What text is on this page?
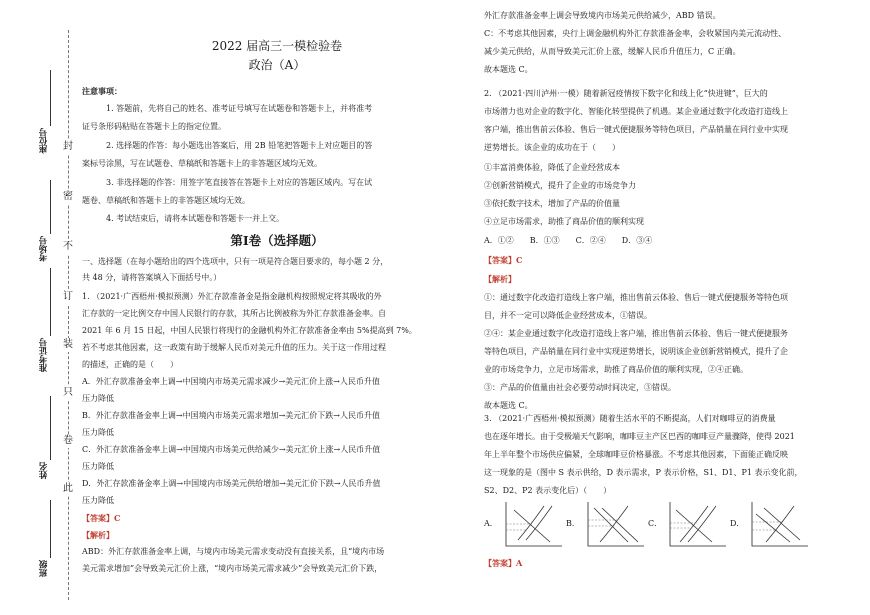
封
密
不
订
装
只
卷
此
座位号
考场号
准考证号
姓名
班级
2022 届高三一模检验卷
政治（A）
注意事项：
1. 答题前，先将自己的姓名、准考证号填写在试题卷和答题卡上，并将准考
证号条形码粘贴在答题卡上的指定位置。
2. 选择题的作答：每小题选出答案后，用 2B 铅笔把答题卡上对应题目的答
案标号涂黑，写在试题卷、草稿纸和答题卡上的非答题区域均无效。
3. 非选择题的作答：用签字笔直接答在答题卡上对应的答题区域内。写在试
题卷、草稿纸和答题卡上的非答题区域均无效。
4. 考试结束后，请将本试题卷和答题卡一并上交。
第Ⅰ卷（选择题）
一、选择题（在每小题给出的四个选项中，只有一项是符合题目要求的，每小题 2 分，
共 48 分，请将答案填入下面括号中。）
1. （2021·广西梧州·模拟预测）外汇存款准备金是指金融机构按照规定将其吸收的外
汇存款的一定比例交存中国人民银行的存款，其所占比例被称为外汇存款准备金率。自
2021 年 6 月 15 日起，中国人民银行将现行的金融机构外汇存款准备金率由 5%提高到 7%。
若不考虑其他因素，这一政策有助于缓解人民币对美元升值的压力。关于这一作用过程
的描述，正确的是（　　）
A．外汇存款准备金率上调→中国境内市场美元需求减少→美元汇价上涨→人民币升值
压力降低
B．外汇存款准备金率上调→中国境内市场美元需求增加→美元汇价下跌→人民币升值
压力降低
C．外汇存款准备金率上调→中国境内市场美元供给减少→美元汇价上涨→人民币升值
压力降低
D．外汇存款准备金率上调→中国境内市场美元供给增加→美元汇价下跌→人民币升值
压力降低
【答案】C
【解析】
ABD：外汇存款准备金率上调，与境内市场美元需求变动没有直接关系，且“境内市场
美元需求增加”会导致美元汇价上涨，“境内市场美元需求减少”会导致美元汇价下跌，
外汇存款准备金率上调会导致境内市场美元供给减少，ABD 错误。
C：不考虑其他因素，央行上调金融机构外汇存款准备金率，会收紧国内美元流动性、
减少美元供给，从而导致美元汇价上涨，缓解人民币升值压力，C 正确。
故本题选 C。
2. （2021·四川泸州·一模）随着新冠疫情按下数字化和线上化“快进键”，巨大的
市场潜力也对企业的数字化、智能化转型提供了机遇。某企业通过数字化改造打造线上
客户端，推出售前云体验、售后一键式便捷服务等特色项目，产品销量在同行业中实现
逆势增长。该企业的成功在于（　　）
①丰富消费体验，降低了企业经营成本
②创新营销模式，提升了企业的市场竞争力
③依托数字技术，增加了产品的价值量
④立足市场需求，助推了商品价值的顺利实现
A．①②　　B．①③　　C．②④　　D．③④
【答案】C
【解析】
①：通过数字化改造打造线上客户端，推出售前云体验、售后一键式便捷服务等特色项
目，并不一定可以降低企业经营成本，①错误。
②④：某企业通过数字化改造打造线上客户端，推出售前云体验、售后一键式便捷服务
等特色项目，产品销量在同行业中实现逆势增长，说明该企业创新营销模式，提升了企
业的市场竞争力，立足市场需求，助推了商品价值的顺利实现，②④正确。
③：产品的价值量由社会必要劳动时间决定，③错误。
故本题选 C。
3. （2021·广西梧州·模拟预测）随着生活水平的不断提高，人们对咖啡豆的消费量
也在逐年增长。由于受极端天气影响，咖啡豆主产区巴西的咖啡豆产量骤降，使得 2021
年上半年整个市场供应偏紧，全球咖啡豆价格暴涨。不考虑其他因素，下面能正确反映
这一现象的是（图中 S 表示供给，D 表示需求，P 表示价格，S1、D1、P1 表示变化前，
S2、D2、P2 表示变化后）（　　）
A．	B．	C．	D．
【答案】A
